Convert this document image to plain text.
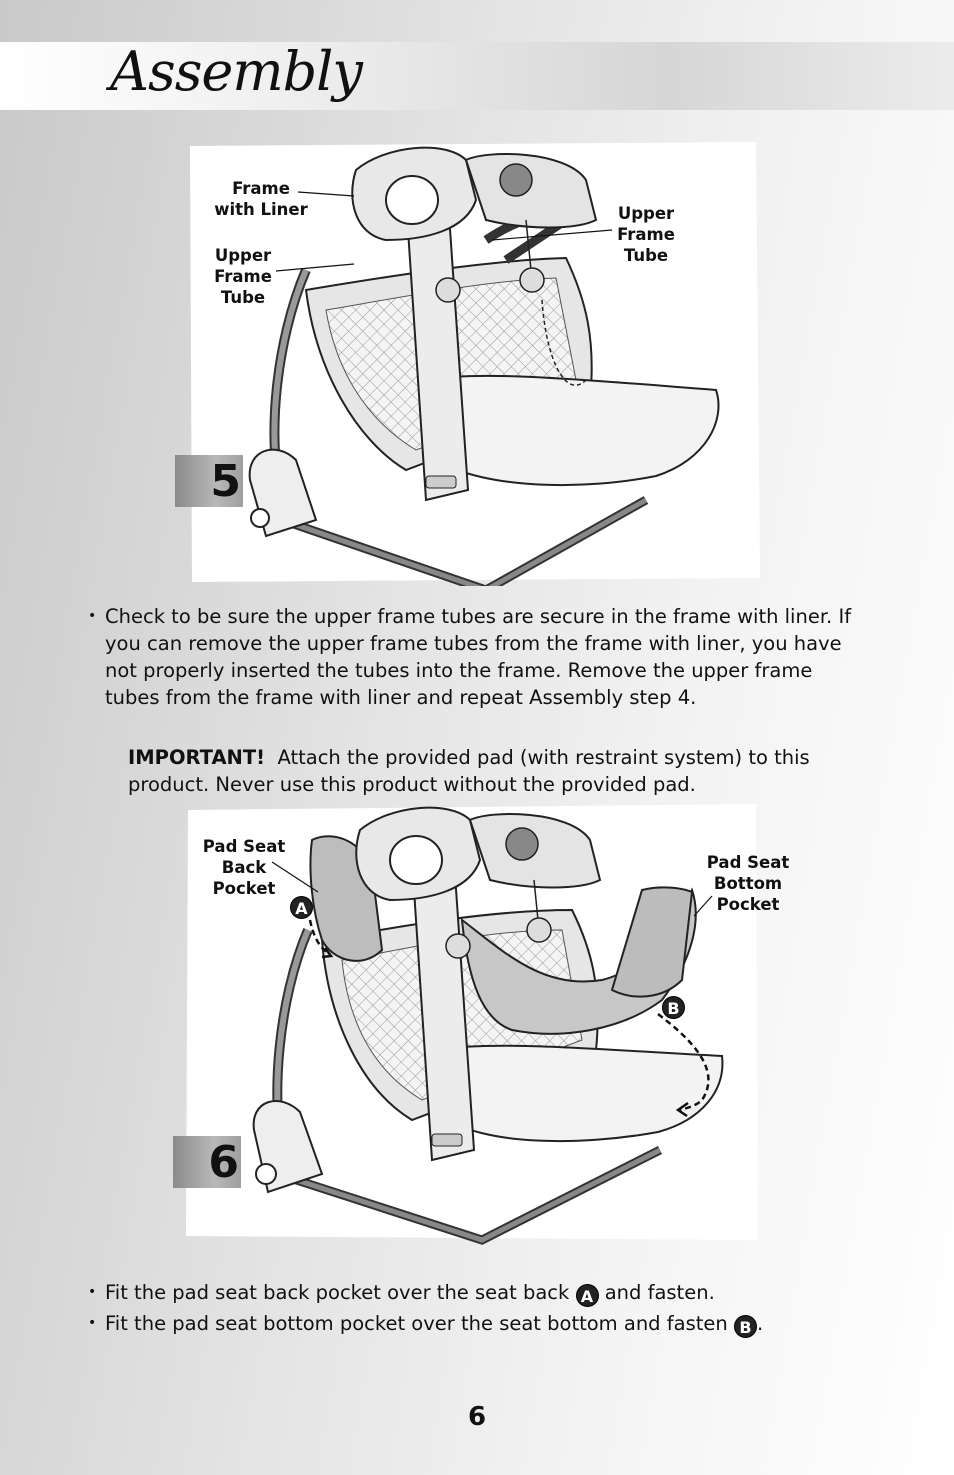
Assembly
Frame
with Liner
Upper
Frame
Tube
Upper
Frame
Tube
5
• Check to be sure the upper frame tubes are secure in the frame with liner. If you can remove the upper frame tubes from the frame with liner, you have not properly inserted the tubes into the frame. Remove the upper frame tubes from the frame with liner and repeat Assembly step 4.

IMPORTANT! Attach the provided pad (with restraint system) to this product. Never use this product without the provided pad.

Pad Seat
Back
Pocket
Pad Seat
Bottom
Pocket
A
B
6
• Fit the pad seat back pocket over the seat back A and fasten.
• Fit the pad seat bottom pocket over the seat bottom and fasten B .

6
